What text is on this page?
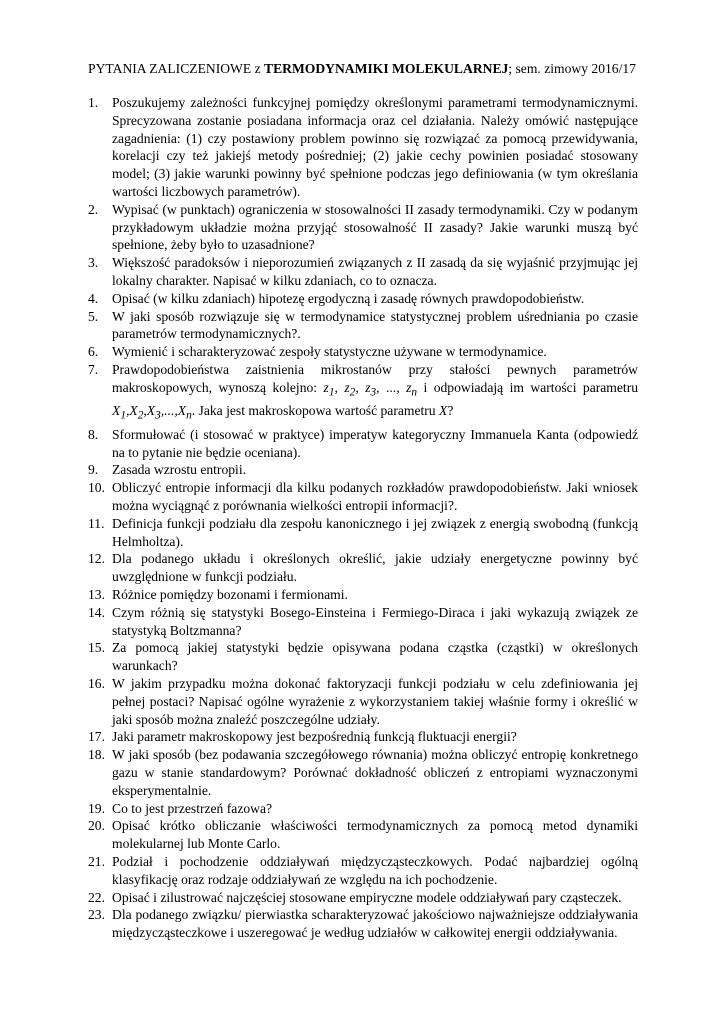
PYTANIA ZALICZENIOWE z TERMODYNAMIKI MOLEKULARNEJ; sem. zimowy 2016/17
1.	Poszukujemy zależności funkcyjnej pomiędzy określonymi parametrami termodynamicznymi. Sprecyzowana zostanie posiadana informacja oraz cel działania. Należy omówić następujące zagadnienia: (1) czy postawiony problem powinno się rozwiązać za pomocą przewidywania, korelacji czy też jakiejś metody pośredniej; (2) jakie cechy powinien posiadać stosowany model; (3) jakie warunki powinny być spełnione podczas jego definiowania (w tym określania wartości liczbowych parametrów).
2.	Wypisać (w punktach) ograniczenia w stosowalności II zasady termodynamiki. Czy w podanym przykładowym układzie można przyjąć stosowalność II zasady? Jakie warunki muszą być spełnione, żeby było to uzasadnione?
3.	Większość paradoksów i nieporozumień związanych z II zasadą da się wyjaśnić przyjmując jej lokalny charakter. Napisać w kilku zdaniach, co to oznacza.
4.	Opisać (w kilku zdaniach) hipotezę ergodyczną i zasadę równych prawdopodobieństw.
5.	W jaki sposób rozwiązuje się w termodynamice statystycznej problem uśredniania po czasie parametrów termodynamicznych?.
6.	Wymienić i scharakteryzować zespoły statystyczne używane w termodynamice.
7.	Prawdopodobieństwa zaistnienia mikrostanów przy stałości pewnych parametrów makroskopowych, wynoszą kolejno: $z_1$, $z_2$, $z_3$, ..., $z_n$ i odpowiadają im wartości parametru $X_1,X_2,X_3,...,X_n$. Jaka jest makroskopowa wartość parametru X?
8.	Sformułować (i stosować w praktyce) imperatyw kategoryczny Immanuela Kanta (odpowiedź na to pytanie nie będzie oceniana).
9.	Zasada wzrostu entropii.
10. Obliczyć entropie informacji dla kilku podanych rozkładów prawdopodobieństw. Jaki wniosek można wyciągnąć z porównania wielkości entropii informacji?.
11. Definicja funkcji podziału dla zespołu kanonicznego i jej związek z energią swobodną (funkcją Helmholtza).
12. Dla podanego układu i określonych określić, jakie udziały energetyczne powinny być uwzględnione w funkcji podziału.
13. Różnice pomiędzy bozonami i fermionami.
14. Czym różnią się statystyki Bosego-Einsteina i Fermiego-Diraca i jaki wykazują związek ze statystyką Boltzmanna?
15. Za pomocą jakiej statystyki będzie opisywana podana cząstka (cząstki) w określonych warunkach?
16. W jakim przypadku można dokonać faktoryzacji funkcji podziału w celu zdefiniowania jej pełnej postaci? Napisać ogólne wyrażenie z wykorzystaniem takiej właśnie formy i określić w jaki sposób można znaleźć poszczególne udziały.
17. Jaki parametr makroskopowy jest bezpośrednią funkcją fluktuacji energii?
18. W jaki sposób (bez podawania szczegółowego równania) można obliczyć entropię konkretnego gazu w stanie standardowym? Porównać dokładność obliczeń z entropiami wyznaczonymi eksperymentalnie.
19. Co to jest przestrzeń fazowa?
20. Opisać krótko obliczanie właściwości termodynamicznych za pomocą metod dynamiki molekularnej lub Monte Carlo.
21. Podział i pochodzenie oddziaływań międzycząsteczkowych. Podać najbardziej ogólną klasyfikację oraz rodzaje oddziaływań ze względu na ich pochodzenie.
22. Opisać i zilustrować najczęściej stosowane empiryczne modele oddziaływań pary cząsteczek.
23. Dla podanego związku/ pierwiastka scharakteryzować jakościowo najważniejsze oddziaływania międzycząsteczkowe i uszeregować je według udziałów w całkowitej energii oddziaływania.
